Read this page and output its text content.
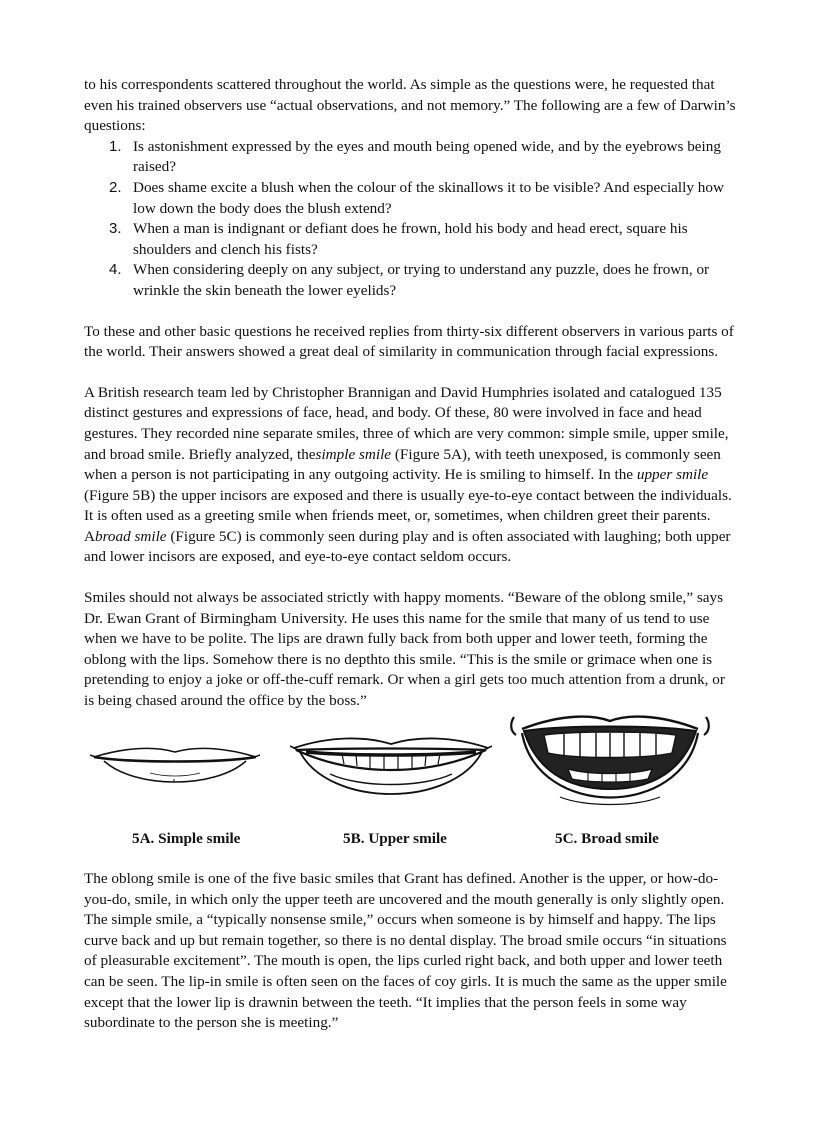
to his correspondents scattered throughout the world. As simple as the questions were, he requested that even his trained observers use “actual observations, and not memory.” The following are a few of Darwin’s questions:

1. Is astonishment expressed by the eyes and mouth being opened wide, and by the eyebrows being raised?
2. Does shame excite a blush when the colour of the skinallows it to be visible? And especially how low down the body does the blush extend?
3. When a man is indignant or defiant does he frown, hold his body and head erect, square his shoulders and clench his fists?
4. When considering deeply on any subject, or trying to understand any puzzle, does he frown, or wrinkle the skin beneath the lower eyelids?

To these and other basic questions he received replies from thirty-six different observers in various parts of the world. Their answers showed a great deal of similarity in communication through facial expressions.

A British research team led by Christopher Brannigan and David Humphries isolated and catalogued 135 distinct gestures and expressions of face, head, and body. Of these, 80 were involved in face and head gestures. They recorded nine separate smiles, three of which are very common: simple smile, upper smile, and broad smile. Briefly analyzed, thesimple smile (Figure 5A), with teeth unexposed, is commonly seen when a person is not participating in any outgoing activity. He is smiling to himself. In the upper smile (Figure 5B) the upper incisors are exposed and there is usually eye-to-eye contact between the individuals. It is often used as a greeting smile when friends meet, or, sometimes, when children greet their parents. Abroad smile (Figure 5C) is commonly seen during play and is often associated with laughing; both upper and lower incisors are exposed, and eye-to-eye contact seldom occurs.

Smiles should not always be associated strictly with happy moments. “Beware of the oblong smile,” says Dr. Ewan Grant of Birmingham University. He uses this name for the smile that many of us tend to use when we have to be polite. The lips are drawn fully back from both upper and lower teeth, forming the oblong with the lips. Somehow there is no depthto this smile. “This is the smile or grimace when one is pretending to enjoy a joke or off-the-cuff remark. Or when a girl gets too much attention from a drunk, or is being chased around the office by the boss.”

5A. Simple smile	5B. Upper smile	5C. Broad smile

The oblong smile is one of the five basic smiles that Grant has defined. Another is the upper, or how-do-you-do, smile, in which only the upper teeth are uncovered and the mouth generally is only slightly open. The simple smile, a “typically nonsense smile,” occurs when someone is by himself and happy. The lips curve back and up but remain together, so there is no dental display. The broad smile occurs “in situations of pleasurable excitement”. The mouth is open, the lips curled right back, and both upper and lower teeth can be seen. The lip-in smile is often seen on the faces of coy girls. It is much the same as the upper smile except that the lower lip is drawnin between the teeth. “It implies that the person feels in some way subordinate to the person she is meeting.”
